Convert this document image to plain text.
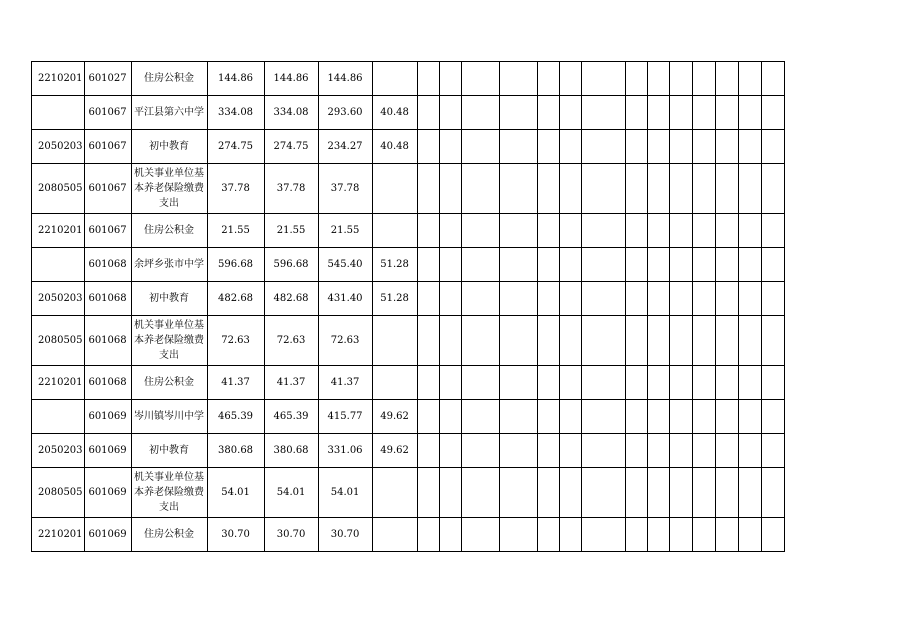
2210201	601027	住房公积金	144.86	144.86	144.86															
	601067	平江县第六中学	334.08	334.08	293.60	40.48														
2050203	601067	初中教育	274.75	274.75	234.27	40.48														
2080505	601067	机关事业单位基本养老保险缴费支出	37.78	37.78	37.78															
2210201	601067	住房公积金	21.55	21.55	21.55															
	601068	余坪乡张市中学	596.68	596.68	545.40	51.28														
2050203	601068	初中教育	482.68	482.68	431.40	51.28														
2080505	601068	机关事业单位基本养老保险缴费支出	72.63	72.63	72.63															
2210201	601068	住房公积金	41.37	41.37	41.37															
	601069	岑川镇岑川中学	465.39	465.39	415.77	49.62														
2050203	601069	初中教育	380.68	380.68	331.06	49.62														
2080505	601069	机关事业单位基本养老保险缴费支出	54.01	54.01	54.01															
2210201	601069	住房公积金	30.70	30.70	30.70															
